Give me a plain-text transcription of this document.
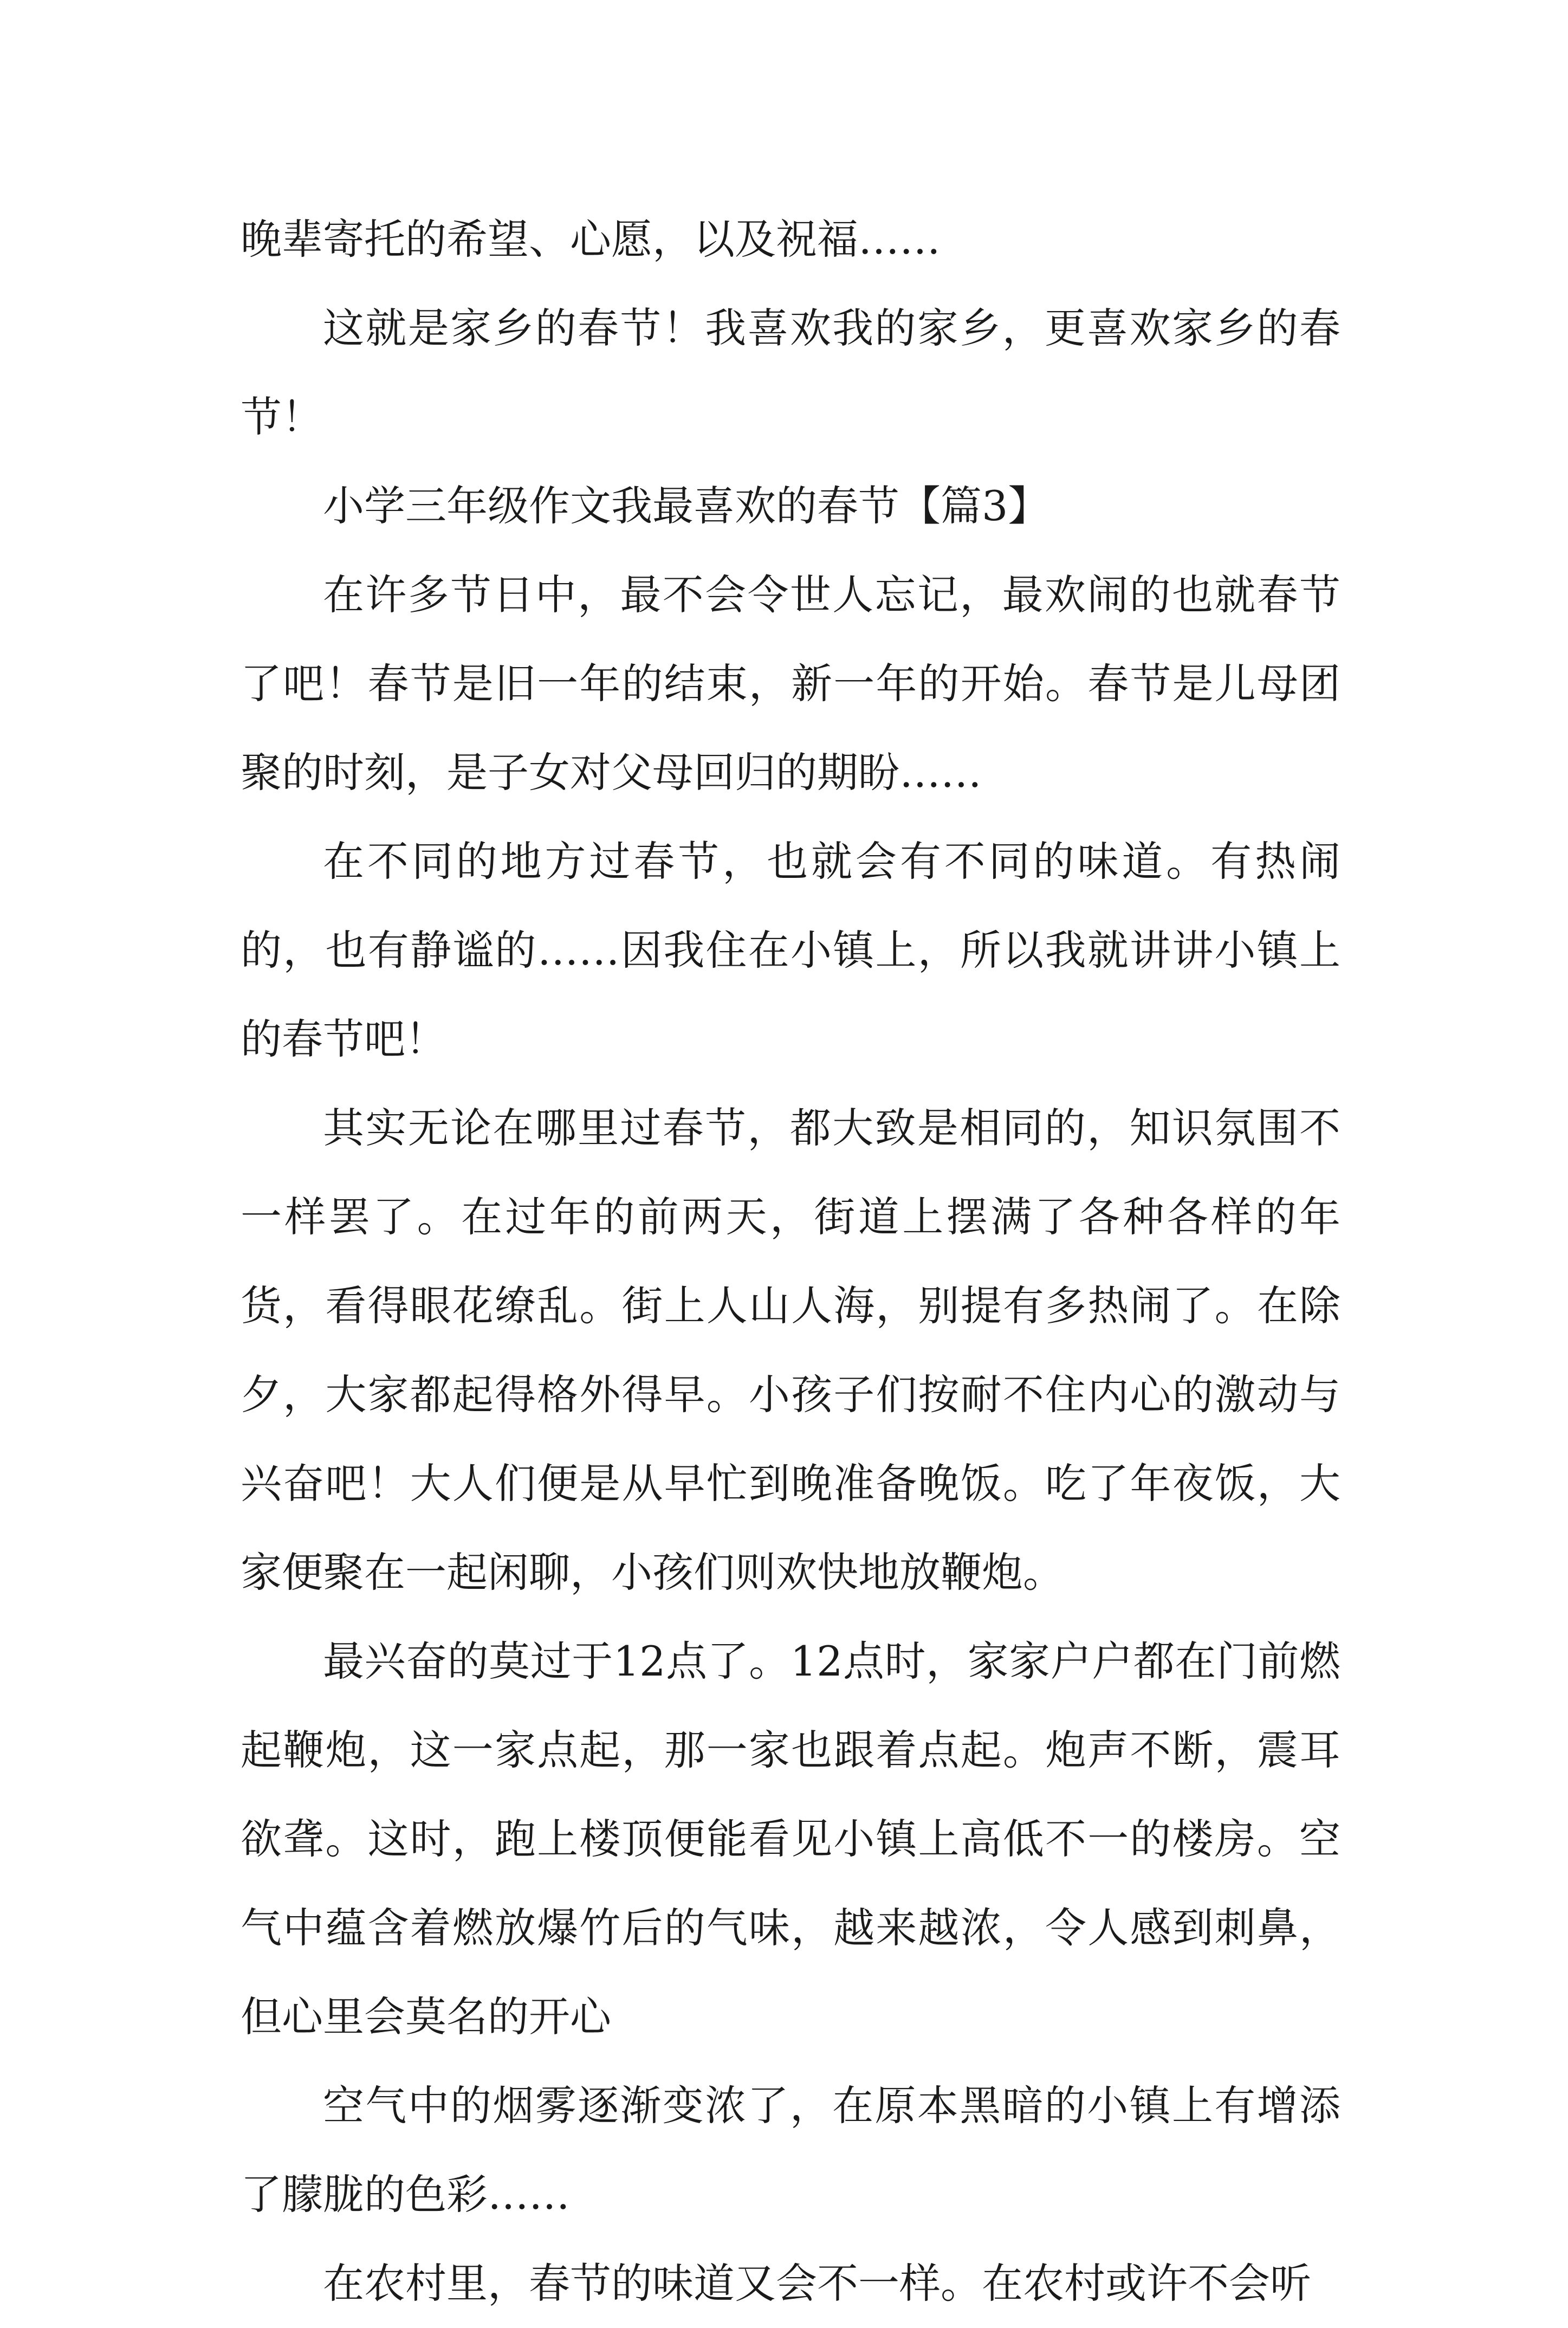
晚辈寄托的希望、心愿，以及祝福……

这就是家乡的春节！我喜欢我的家乡，更喜欢家乡的春节！

小学三年级作文我最喜欢的春节【篇3】

在许多节日中，最不会令世人忘记，最欢闹的也就春节了吧！春节是旧一年的结束，新一年的开始。春节是儿母团聚的时刻，是子女对父母回归的期盼……

在不同的地方过春节，也就会有不同的味道。有热闹的，也有静谧的……因我住在小镇上，所以我就讲讲小镇上的春节吧！

其实无论在哪里过春节，都大致是相同的，知识氛围不一样罢了。在过年的前两天，街道上摆满了各种各样的年货，看得眼花缭乱。街上人山人海，别提有多热闹了。在除夕，大家都起得格外得早。小孩子们按耐不住内心的激动与兴奋吧！大人们便是从早忙到晚准备晚饭。吃了年夜饭，大家便聚在一起闲聊，小孩们则欢快地放鞭炮。

最兴奋的莫过于12点了。12点时，家家户户都在门前燃起鞭炮，这一家点起，那一家也跟着点起。炮声不断，震耳欲聋。这时，跑上楼顶便能看见小镇上高低不一的楼房。空气中蕴含着燃放爆竹后的气味，越来越浓，令人感到刺鼻，但心里会莫名的开心

空气中的烟雾逐渐变浓了，在原本黑暗的小镇上有增添了朦胧的色彩……

在农村里，春节的味道又会不一样。在农村或许不会听
